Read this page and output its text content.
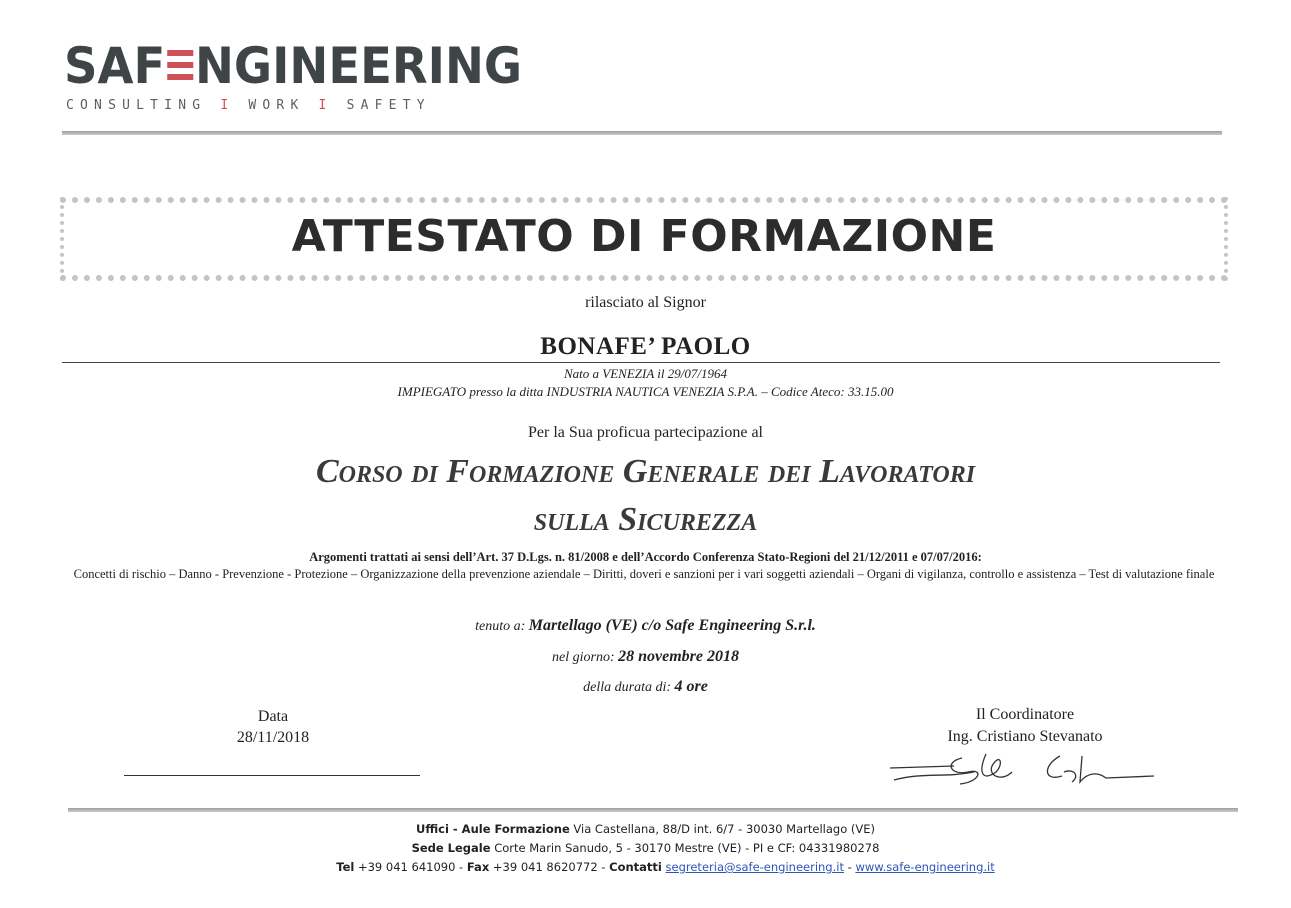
SAF NGINEERING
CONSULTING I WORK I SAFETY
ATTESTATO DI FORMAZIONE
rilasciato al Signor
BONAFE’ PAOLO
Nato a VENEZIA il 29/07/1964
IMPIEGATO presso la ditta INDUSTRIA NAUTICA VENEZIA S.P.A. – Codice Ateco: 33.15.00
Per la Sua proficua partecipazione al
Corso di Formazione Generale dei Lavoratori
sulla Sicurezza
Argomenti trattati ai sensi dell’Art. 37 D.Lgs. n. 81/2008 e dell’Accordo Conferenza Stato-Regioni del 21/12/2011 e 07/07/2016:
Concetti di rischio – Danno - Prevenzione - Protezione – Organizzazione della prevenzione aziendale – Diritti, doveri e sanzioni per i vari soggetti aziendali – Organi di vigilanza, controllo e assistenza – Test di valutazione finale
tenuto a: Martellago (VE) c/o Safe Engineering S.r.l.
nel giorno: 28 novembre 2018
della durata di: 4 ore
Data
28/11/2018
Il Coordinatore
Ing. Cristiano Stevanato
Uffici - Aule Formazione Via Castellana, 88/D int. 6/7 - 30030 Martellago (VE)
Sede Legale Corte Marin Sanudo, 5 - 30170 Mestre (VE) - PI e CF: 04331980278
Tel +39 041 641090 - Fax +39 041 8620772 - Contatti segreteria@safe-engineering.it - www.safe-engineering.it
